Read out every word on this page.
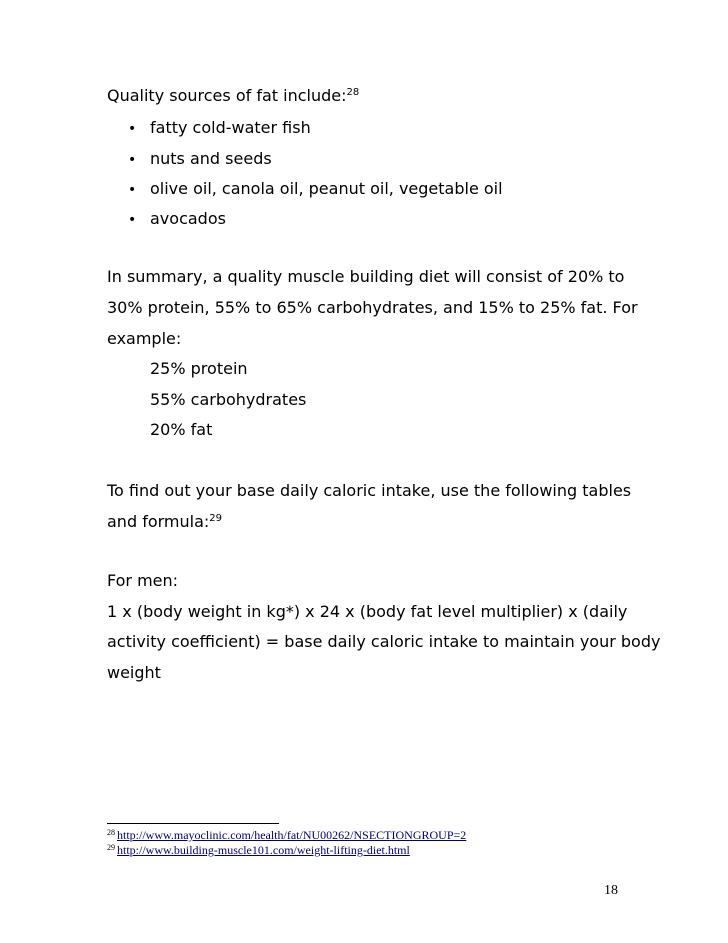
Quality sources of fat include:$^{28}$
• fatty cold-water fish
• nuts and seeds
• olive oil, canola oil, peanut oil, vegetable oil
• avocados
In summary, a quality muscle building diet will consist of 20% to
30% protein, 55% to 65% carbohydrates, and 15% to 25% fat. For
example:
25% protein
55% carbohydrates
20% fat
To find out your base daily caloric intake, use the following tables
and formula:$^{29}$
For men:
1 x (body weight in kg*) x 24 x (body fat level multiplier) x (daily
activity coefficient) = base daily caloric intake to maintain your body
weight
$^{28}$ http://www.mayoclinic.com/health/fat/NU00262/NSECTIONGROUP=2
$^{29}$ http://www.building-muscle101.com/weight-lifting-diet.html
18
